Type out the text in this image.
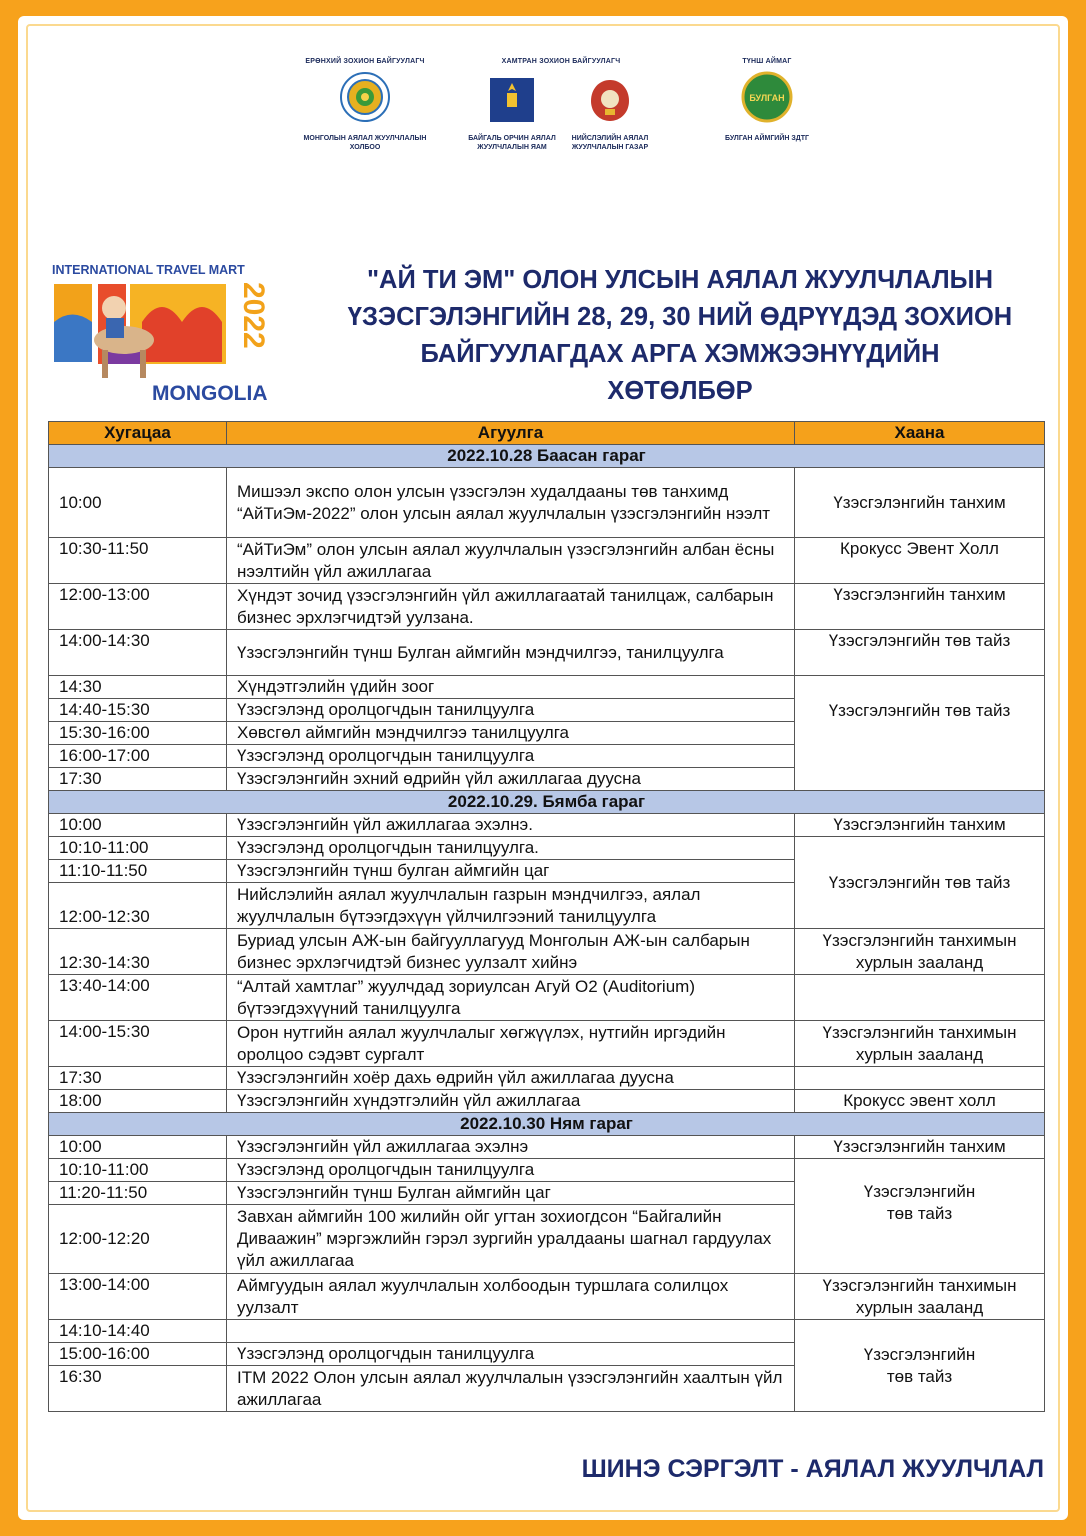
ЕРӨНХИЙ ЗОХИОН БАЙГУУЛАГЧ
МОНГОЛЫН АЯЛАЛ ЖУУЛЧЛАЛЫН ХОЛБОО
ХАМТРАН ЗОХИОН БАЙГУУЛАГЧ
БАЙГАЛЬ ОРЧИН АЯЛАЛ ЖУУЛЧЛАЛЫН ЯАМ
НИЙСЛЭЛИЙН АЯЛАЛ ЖУУЛЧЛАЛЫН ГАЗАР
ТҮНШ АЙМАГ
БУЛГАН
БУЛГАН АЙМГИЙН ЗДТГ
INTERNATIONAL TRAVEL MART
2022
MONGOLIA
"АЙ ТИ ЭМ" ОЛОН УЛСЫН АЯЛАЛ ЖУУЛЧЛАЛЫН
ҮЗЭСГЭЛЭНГИЙН 28, 29, 30 НИЙ ӨДРҮҮДЭД ЗОХИОН
БАЙГУУЛАГДАХ АРГА ХЭМЖЭЭНҮҮДИЙН
ХӨТӨЛБӨР
Хугацаа	Агуулга	Хаана
2022.10.28 Баасан гараг		
10:00	Мишээл экспо олон улсын үзэсгэлэн худалдааны төв танхимд “АйТиЭм-2022” олон улсын аялал жуулчлалын үзэсгэлэнгийн нээлт	Үзэсгэлэнгийн танхим
10:30-11:50	“АйТиЭм” олон улсын аялал жуулчлалын үзэсгэлэнгийн албан ёсны нээлтийн үйл ажиллагаа	Крокусс Эвент Холл
12:00-13:00	Хүндэт зочид үзэсгэлэнгийн үйл ажиллагаатай танилцаж, салбарын бизнес эрхлэгчидтэй уулзана.	Үзэсгэлэнгийн танхим
14:00-14:30	Үзэсгэлэнгийн түнш Булган аймгийн мэндчилгээ, танилцуулга	Үзэсгэлэнгийн төв тайз
14:30	Хүндэтгэлийн үдийн зоог	Үзэсгэлэнгийн төв тайз
14:40-15:30	Үзэсгэлэнд оролцогчдын танилцуулга	
15:30-16:00	Хөвсгөл аймгийн мэндчилгээ танилцуулга	
16:00-17:00	Үзэсгэлэнд оролцогчдын танилцуулга	
17:30	Үзэсгэлэнгийн эхний өдрийн үйл ажиллагаа дууснa	
2022.10.29. Бямба гараг		
10:00	Үзэсгэлэнгийн үйл ажиллагаа эхэлнэ.	Үзэсгэлэнгийн танхим
10:10-11:00	Үзэсгэлэнд оролцогчдын танилцуулга.	Үзэсгэлэнгийн төв тайз
11:10-11:50	Үзэсгэлэнгийн түнш булган аймгийн цаг	
12:00-12:30	Нийслэлийн аялал жуулчлалын газрын мэндчилгээ, аялал жуулчлалын бүтээгдэхүүн үйлчилгээний танилцуулга	
12:30-14:30	Буриад улсын АЖ-ын байгууллагууд Монголын АЖ-ын салбарын бизнес эрхлэгчидтэй бизнес уулзалт хийнэ	Үзэсгэлэнгийн танхимын хурлын зааланд
13:40-14:00	“Алтай хамтлаг” жуулчдад зориулсан Агуй O2 (Auditorium) бүтээгдэхүүний танилцуулга	
14:00-15:30	Орон нутгийн аялал жуулчлалыг хөгжүүлэх, нутгийн иргэдийн оролцоо сэдэвт сургалт	Үзэсгэлэнгийн танхимын хурлын зааланд
17:30	Үзэсгэлэнгийн хоёр дахь өдрийн үйл ажиллагаа дуусна	
18:00	Үзэсгэлэнгийн хүндэтгэлийн үйл ажиллагаа	Крокусс эвент холл
2022.10.30 Ням гараг		
10:00	Үзэсгэлэнгийн үйл ажиллагаа эхэлнэ	Үзэсгэлэнгийн танхим
10:10-11:00	Үзэсгэлэнд оролцогчдын танилцуулга	Үзэсгэлэнгийн
төв тайз

11:20-11:50	Үзэсгэлэнгийн түнш Булган аймгийн цаг	
12:00-12:20	Завхан аймгийн 100 жилийн ойг угтан зохиогдсон “Байгалийн Диваажин” мэргэжлийн гэрэл зургийн уралдааны шагнал гардуулах үйл ажиллагаа	
13:00-14:00	Аймгуудын аялал жуулчлалын холбоодын туршлага солилцох уулзалт	Үзэсгэлэнгийн танхимын хурлын зааланд
14:10-14:40		Үзэсгэлэнгийн
төв тайз

15:00-16:00	Үзэсгэлэнд оролцогчдын танилцуулга	
16:30	ITM 2022 Олон улсын аялал жуулчлалын үзэсгэлэнгийн хаалтын үйл ажиллагаа	
ШИНЭ СЭРГЭЛТ - АЯЛАЛ ЖУУЛЧЛАЛ
